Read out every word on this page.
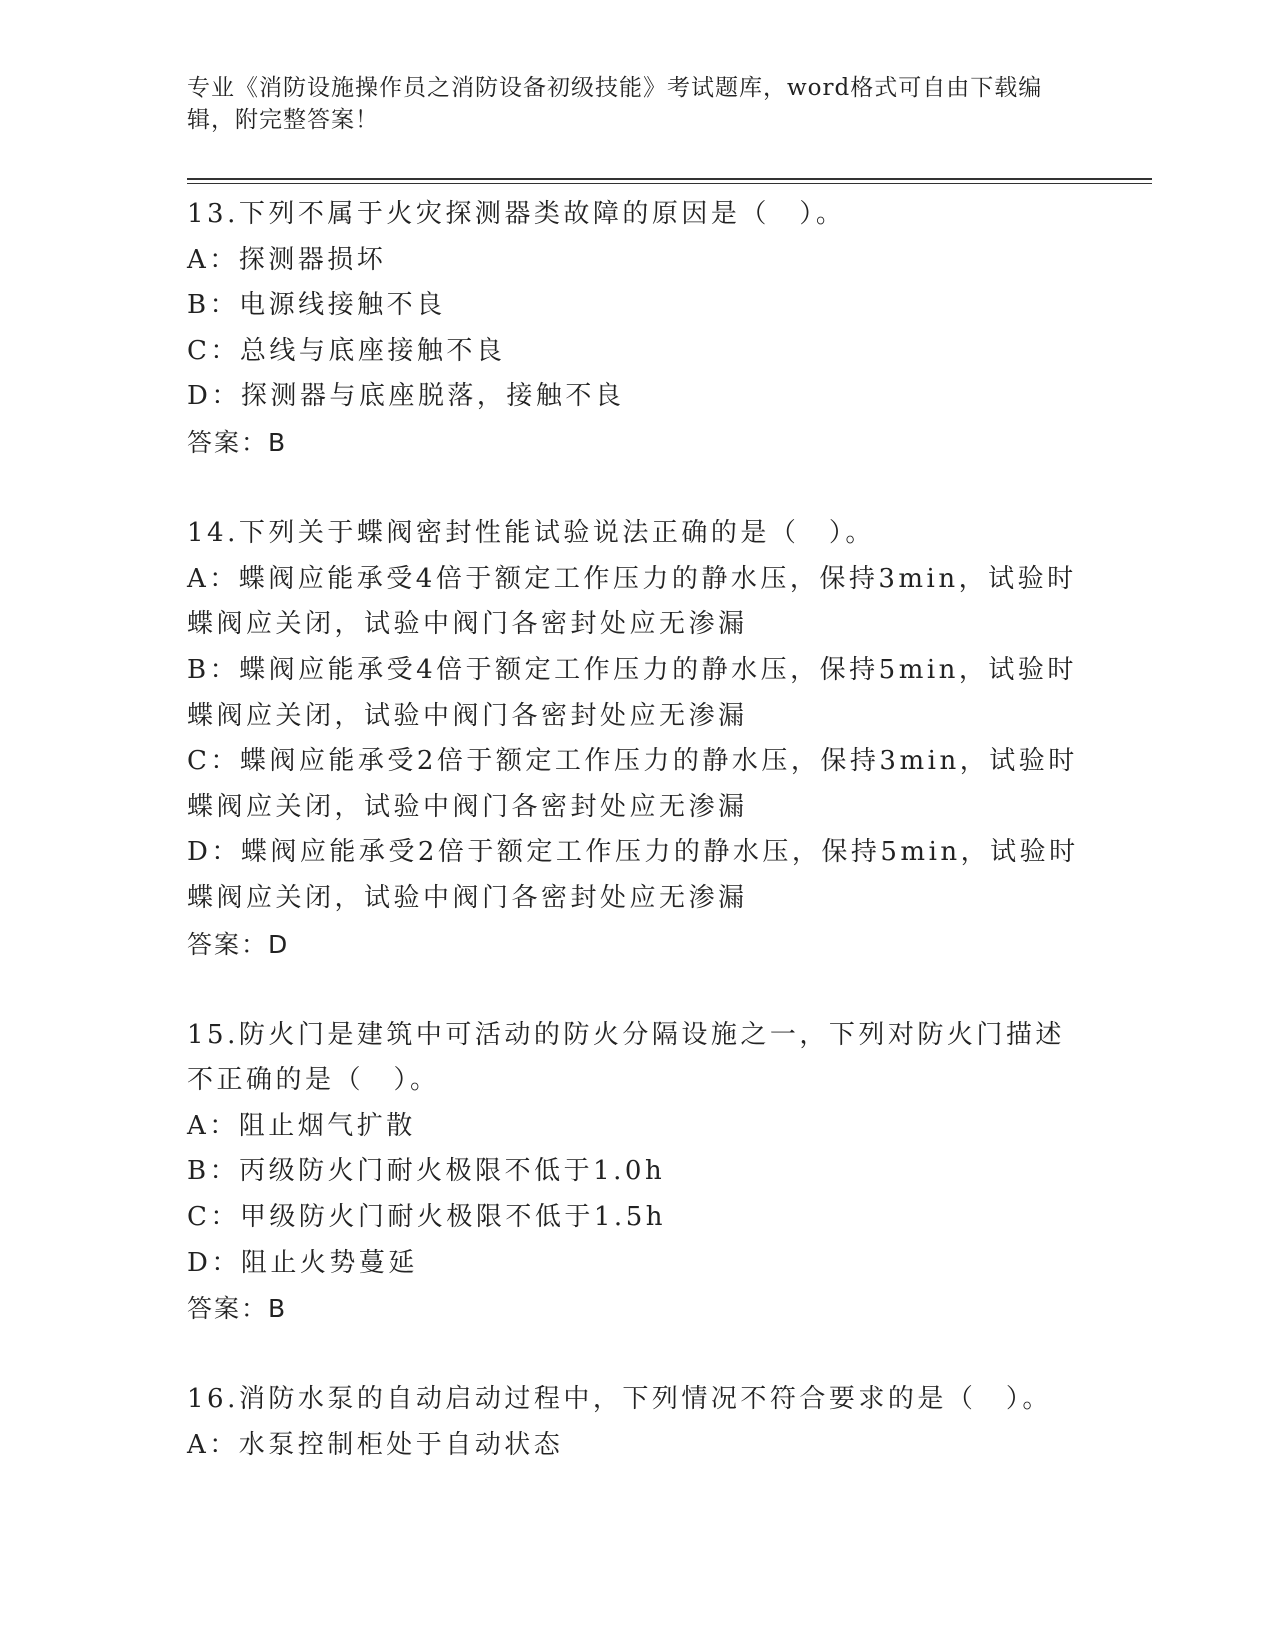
专业《消防设施操作员之消防设备初级技能》考试题库，word格式可自由下载编辑，附完整答案！
13.下列不属于火灾探测器类故障的原因是（　）。
A：探测器损坏
B：电源线接触不良
C：总线与底座接触不良
D：探测器与底座脱落，接触不良
答案：B
14.下列关于蝶阀密封性能试验说法正确的是（　）。
A：蝶阀应能承受4倍于额定工作压力的静水压，保持3min，试验时蝶阀应关闭，试验中阀门各密封处应无渗漏
B：蝶阀应能承受4倍于额定工作压力的静水压，保持5min，试验时蝶阀应关闭，试验中阀门各密封处应无渗漏
C：蝶阀应能承受2倍于额定工作压力的静水压，保持3min，试验时蝶阀应关闭，试验中阀门各密封处应无渗漏
D：蝶阀应能承受2倍于额定工作压力的静水压，保持5min，试验时蝶阀应关闭，试验中阀门各密封处应无渗漏
答案：D
15.防火门是建筑中可活动的防火分隔设施之一，下列对防火门描述不正确的是（　）。
A：阻止烟气扩散
B：丙级防火门耐火极限不低于1.0h
C：甲级防火门耐火极限不低于1.5h
D：阻止火势蔓延
答案：B
16.消防水泵的自动启动过程中，下列情况不符合要求的是（　）。
A：水泵控制柜处于自动状态
